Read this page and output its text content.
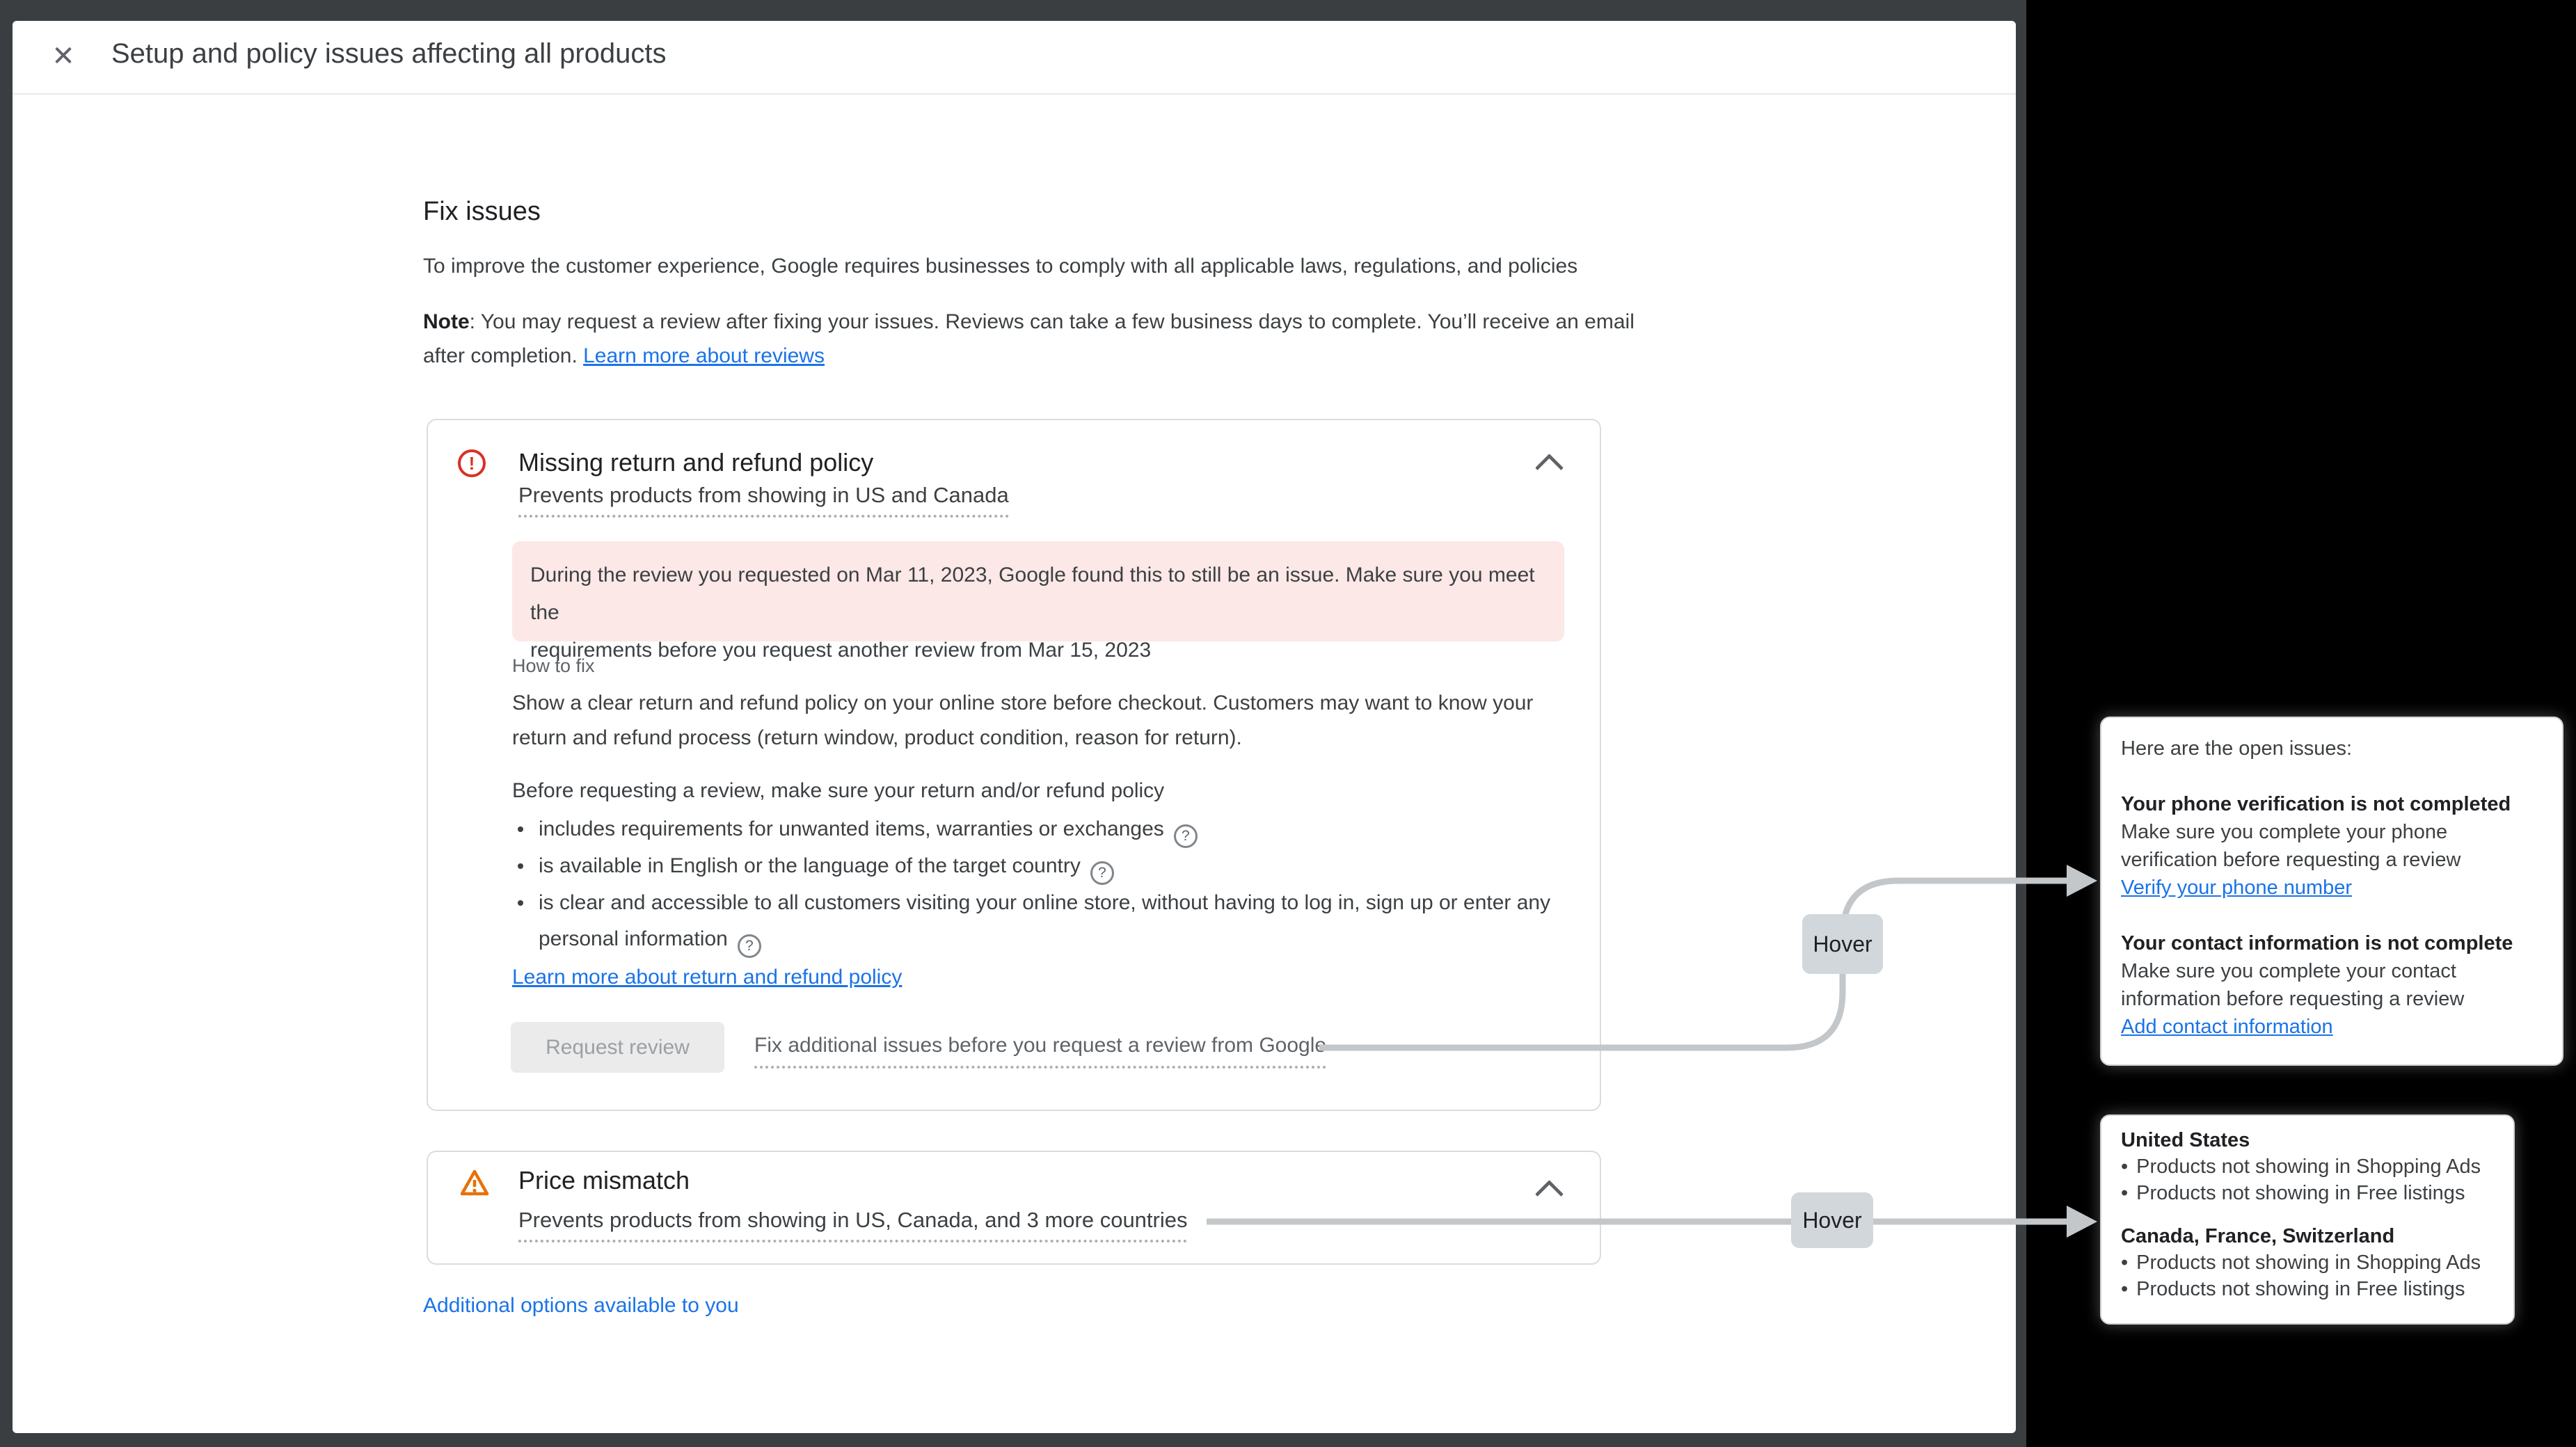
✕ Setup and policy issues affecting all products
Fix issues
To improve the customer experience, Google requires businesses to comply with all applicable laws, regulations, and policies
Note: You may request a review after fixing your issues. Reviews can take a few business days to complete. You’ll receive an email
after completion. Learn more about reviews
! Missing return and refund policy
Prevents products from showing in US and Canada
During the review you requested on Mar 11, 2023, Google found this to still be an issue. Make sure you meet the
requirements before you request another review from Mar 15, 2023
How to fix
Show a clear return and refund policy on your online store before checkout. Customers may want to know your
return and refund process (return window, product condition, reason for return).
Before requesting a review, make sure your return and/or refund policy
includes requirements for unwanted items, warranties or exchanges ?
is available in English or the language of the target country ?
is clear and accessible to all customers visiting your online store, without having to log in, sign up or enter any
personal information ?
Learn more about return and refund policy
Request review	Fix additional issues before you request a review from Google
Price mismatch
Prevents products from showing in US, Canada, and 3 more countries
Additional options available to you
Hover
Hover
Here are the open issues:
Your phone verification is not completed
Make sure you complete your phone
verification before requesting a review
Verify your phone number
Your contact information is not complete
Make sure you complete your contact
information before requesting a review
Add contact information
United States
• Products not showing in Shopping Ads
• Products not showing in Free listings
Canada, France, Switzerland
• Products not showing in Shopping Ads
• Products not showing in Free listings
